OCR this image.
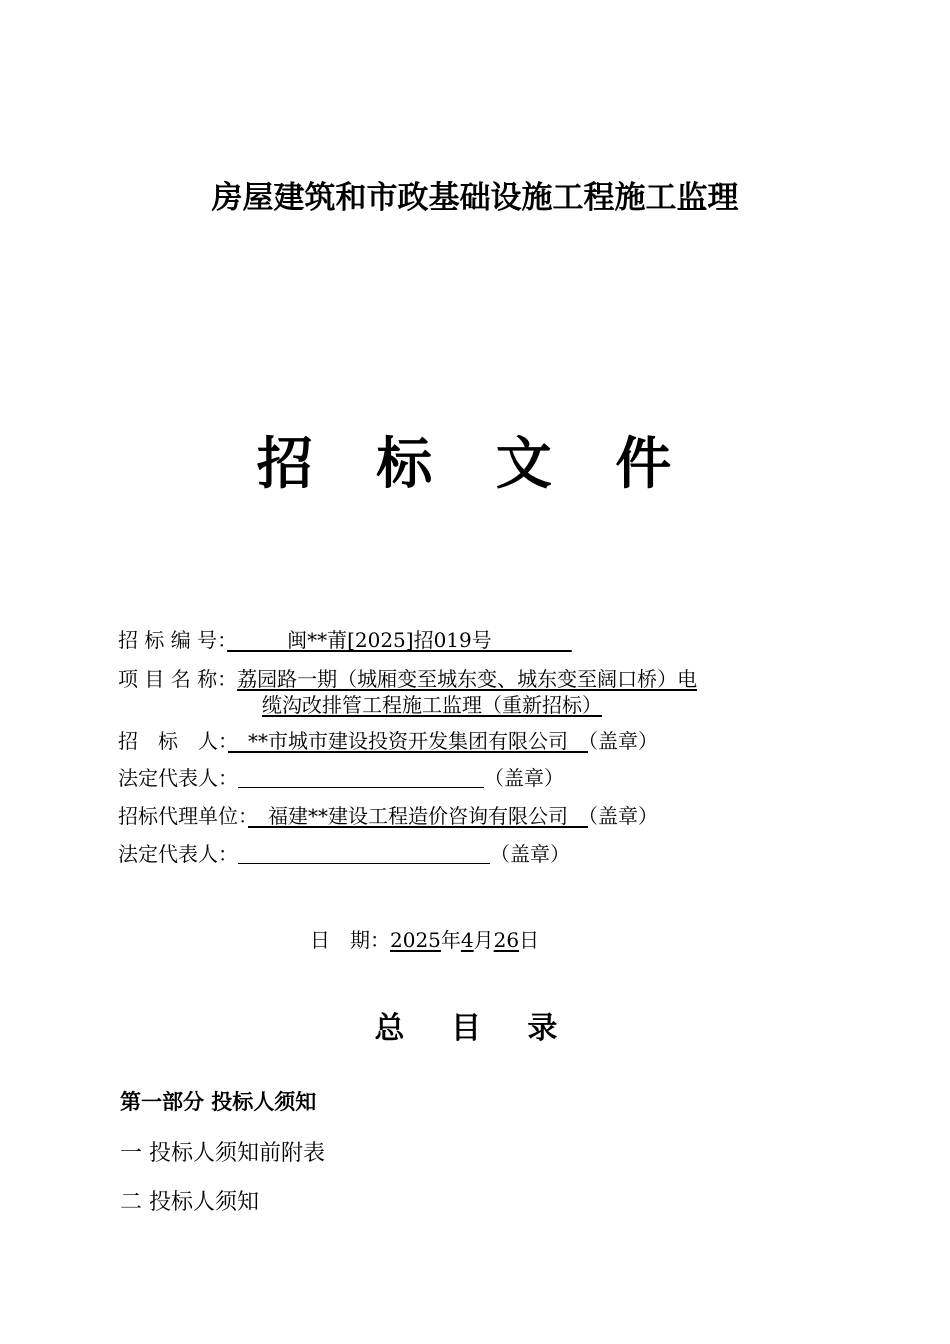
房屋建筑和市政基础设施工程施工监理
招 标 文 件
招 标 编 号：　　　闽**莆[2025]招019号　　　　
项 目 名 称：荔园路一期（城厢变至城东变、城东变至阔口桥）电
缆沟改排管工程施工监理（重新招标）
招　标　人：　**市城市建设投资开发集团有限公司　（盖章）
法定代表人：	（盖章）
招标代理单位：　福建**建设工程造价咨询有限公司　（盖章）
法定代表人：	（盖章）
日　期：2025年4月26日
总 目 录
第一部分 投标人须知
一 投标人须知前附表
二 投标人须知
